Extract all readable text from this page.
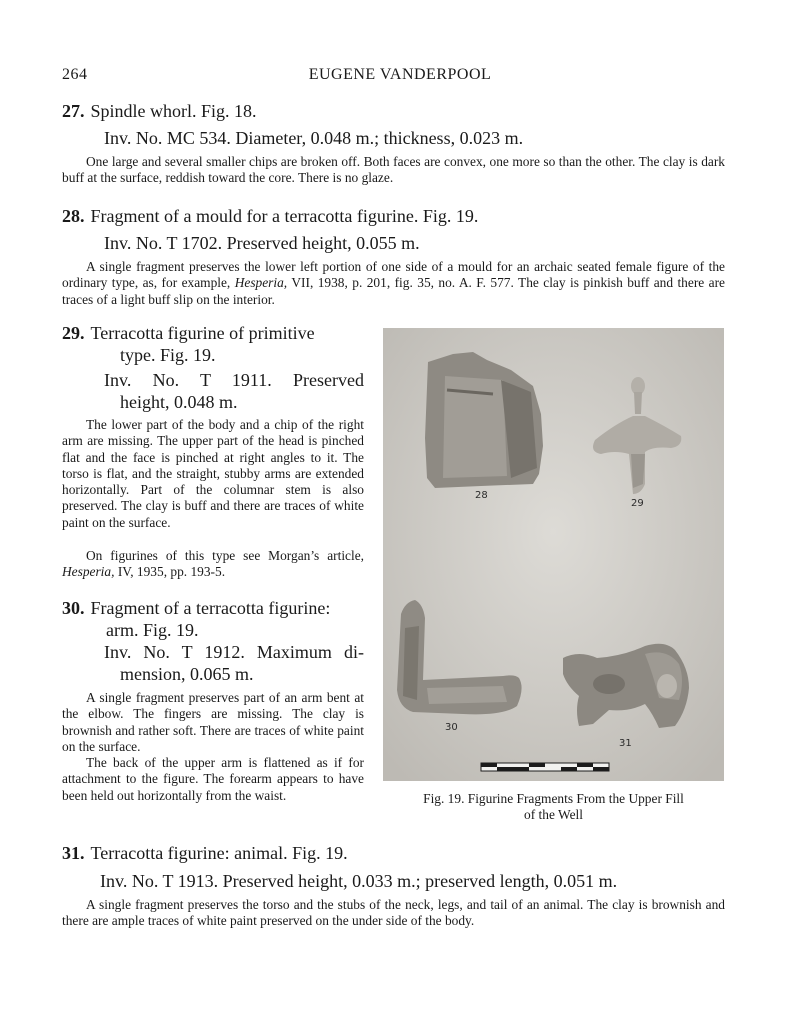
264	EUGENE VANDERPOOL
27. Spindle whorl. Fig. 18.
Inv. No. MC 534. Diameter, 0.048 m.; thickness, 0.023 m.

One large and several smaller chips are broken off. Both faces are convex, one more so than the other. The clay is dark buff at the surface, reddish toward the core. There is no glaze.

28. Fragment of a mould for a terracotta figurine. Fig. 19.
Inv. No. T 1702. Preserved height, 0.055 m.

A single fragment preserves the lower left portion of one side of a mould for an archaic seated female figure of the ordinary type, as, for example, Hesperia, VII, 1938, p. 201, fig. 35, no. A. F. 577. The clay is pinkish buff and there are traces of a light buff slip on the interior.

29. Terracotta figurine of primitive
type. Fig. 19.
Inv. No. T 1911. Preserved
height, 0.048 m.

The lower part of the body and a chip of the right arm are missing. The upper part of the head is pinched flat and the face is pinched at right angles to it. The torso is flat, and the straight, stubby arms are extended horizontally. Part of the columnar stem is also preserved. The clay is buff and there are traces of white paint on the surface.

On figurines of this type see Morgan’s article, Hesperia, IV, 1935, pp. 193-5.

30. Fragment of a terracotta figurine:
arm. Fig. 19.
Inv. No. T 1912. Maximum di-
mension, 0.065 m.

A single fragment preserves part of an arm bent at the elbow. The fingers are missing. The clay is brownish and rather soft. There are traces of white paint on the surface.

The back of the upper arm is flattened as if for attachment to the figure. The forearm appears to have been held out horizontally from the waist.

28
29
30
31
Fig. 19. Figurine Fragments From the Upper Fill
of the Well
31. Terracotta figurine: animal. Fig. 19.
Inv. No. T 1913. Preserved height, 0.033 m.; preserved length, 0.051 m.

A single fragment preserves the torso and the stubs of the neck, legs, and tail of an animal. The clay is brownish and there are ample traces of white paint preserved on the under side of the body.
